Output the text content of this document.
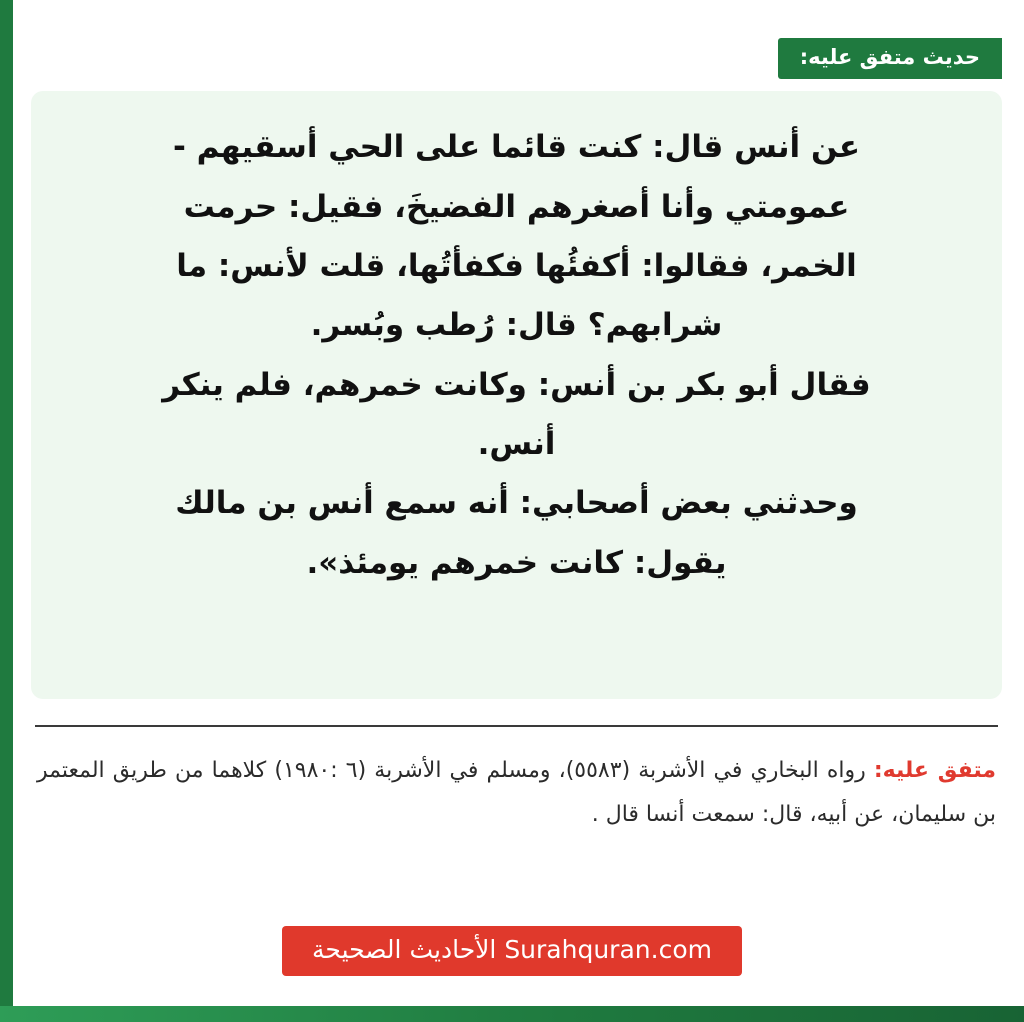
حديث متفق عليه:

عن أنس قال: كنت قائما على الحي أسقيهم -

عمومتي وأنا أصغرهم الفضيخَ، فقيل: حرمت

الخمر، فقالوا: أكفئُها فكفأتُها، قلت لأنس: ما

شرابهم؟ قال: رُطب وبُسر.

فقال أبو بكر بن أنس: وكانت خمرهم، فلم ينكر

أنس.

وحدثني بعض أصحابي: أنه سمع أنس بن مالك

يقول: كانت خمرهم يومئذ».

متفق عليه: رواه البخاري في الأشربة (٥٥٨٣)، ومسلم في الأشربة (٦ :١٩٨٠) كلاهما من طريق المعتمر بن سليمان، عن أبيه، قال: سمعت أنسا قال .

Surahquran.com الأحاديث الصحيحة
